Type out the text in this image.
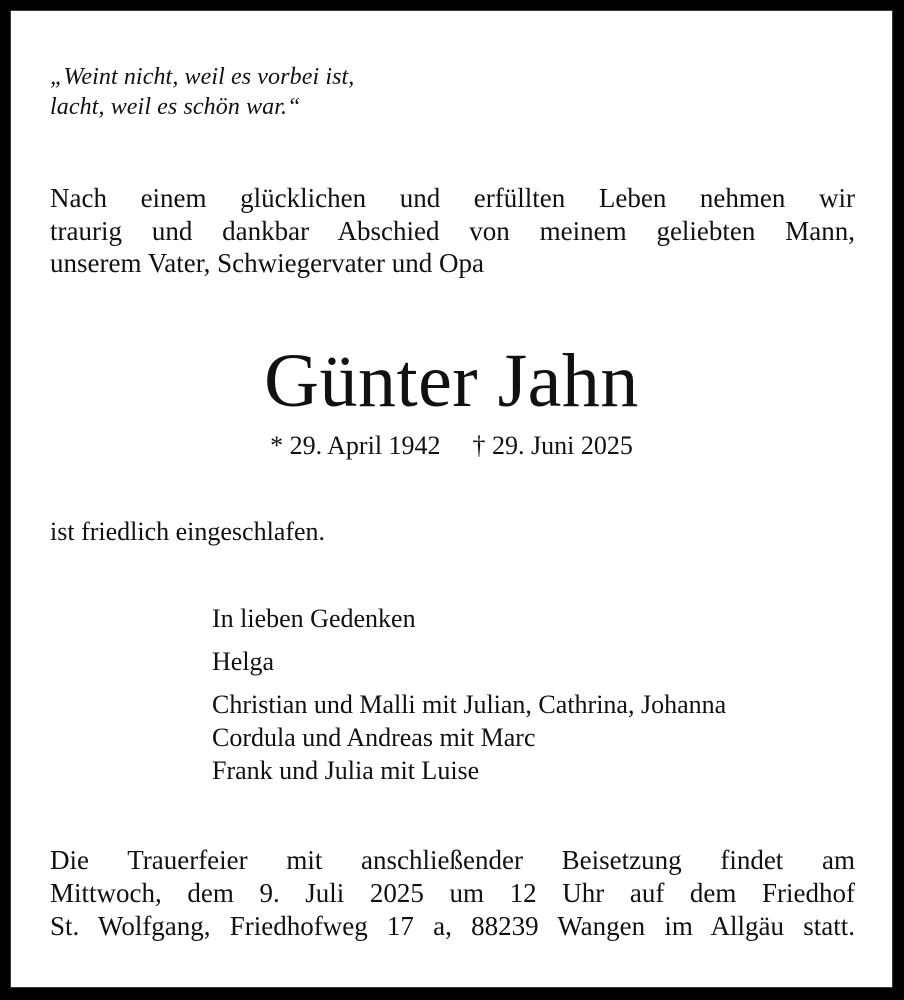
„Weint nicht, weil es vorbei ist,
lacht, weil es schön war.“
Nach einem glücklichen und erfüllten Leben nehmen wir
traurig und dankbar Abschied von meinem geliebten Mann,
unserem Vater, Schwiegervater und Opa
Günter Jahn
* 29. April 1942 † 29. Juni 2025
ist friedlich eingeschlafen.
In lieben Gedenken
Helga
Christian und Malli mit Julian, Cathrina, Johanna
Cordula und Andreas mit Marc
Frank und Julia mit Luise
Die Trauerfeier mit anschließender Beisetzung findet am
Mittwoch, dem 9. Juli 2025 um 12 Uhr auf dem Friedhof
St. Wolfgang, Friedhofweg 17 a, 88239 Wangen im Allgäu statt.
